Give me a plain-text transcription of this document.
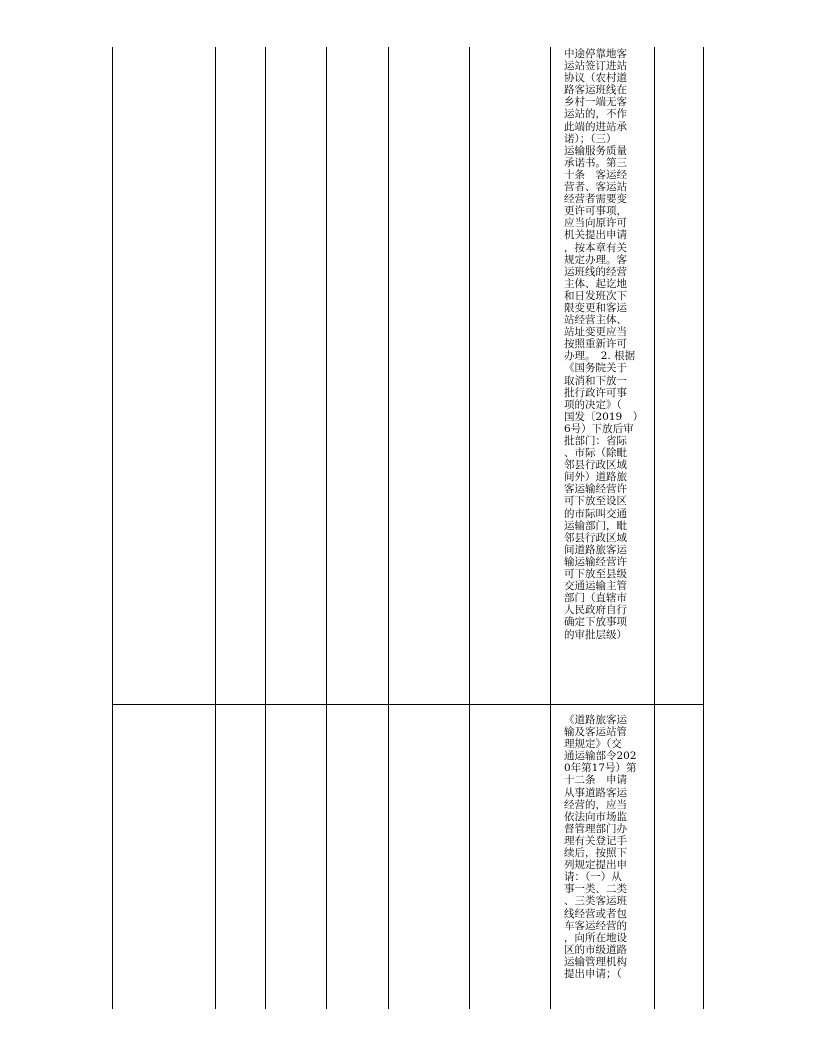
中途停靠地客
运站签订进站
协议（农村道
路客运班线在
乡村一端无客
运站的，不作
此端的进站承
诺）；（三）
运输服务质量
承诺书。第三
十条　客运经
营者、客运站
经营者需要变
更许可事项，
应当向原许可
机关提出申请
，按本章有关
规定办理。客
运班线的经营
主体、起讫地
和日发班次下
限变更和客运
站经营主体、
站址变更应当
按照重新许可
办理。　2. 根据
《国务院关于
取消和下放一
批行政许可事
项的决定》（
国发〔2019　）
6号）下放后审
批部门：省际
、市际（除毗
邻县行政区域
间外）道路旅
客运输经营许
可下放至设区
的市际叫交通
运输部门，毗
邻县行政区域
间道路旅客运
输运输经营许
可下放至县级
交通运输主管
部门（直辖市
人民政府自行
确定下放事项
的审批层级）
《道路旅客运
输及客运站管
理规定》（交
通运输部令202
0年第17号）第
十二条　申请
从事道路客运
经营的，应当
依法向市场监
督管理部门办
理有关登记手
续后，按照下
列规定提出申
请：（一）从
事一类、二类
、三类客运班
线经营或者包
车客运经营的
，向所在地设
区的市级道路
运输管理机构
提出申请；（
